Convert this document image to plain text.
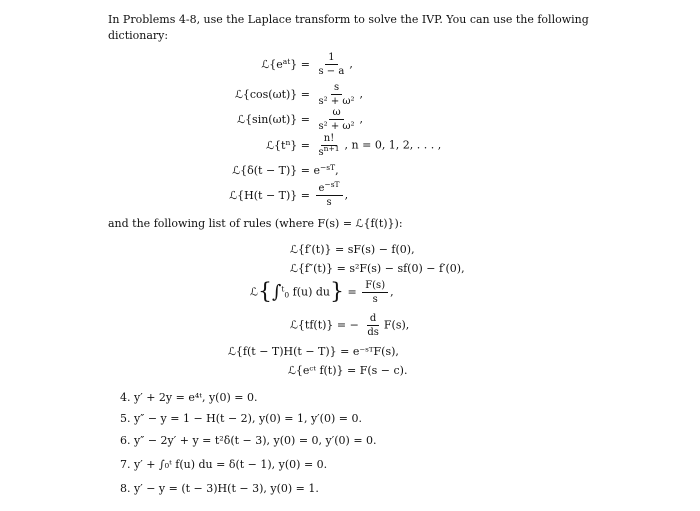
In Problems 4-8, use the Laplace transform to solve the IVP. You can use the following dictionary:
$ℒ\{e^{at}\} = \frac{1}{s - a}$ ,
ℒ{cos(ωt)} = $\frac{s}{\text{s² + ω²}}$ ,
ℒ{sin(ωt)} = $\frac{\omega}{\text{s² + ω²}}$ ,
$ℒ\{t^n\} = \frac{n!}{s^{n+1}}$ , n = 0, 1, 2, . . . ,
ℒ{δ(t − $T)\} = e^{-sT}$,
ℒ{H(t − $T)\} = \frac{e^{-sT}}{s}$ ,
and the following list of rules (where F(s) = ℒ{f(t)}):
ℒ{f′(t)} = sF(s) − f(0),
ℒ{f″(t)} = s²F(s) − sf(0) − f′(0),
ℒ{∫$^t_0$ f(u) $du\} = \frac{F(s)}{s}$ ,
ℒ{tf(t)} = − $\frac{d}{ds} F(s)$,
ℒ{f(t − T)H(t − T)} = e⁻ˢᵀF(s),
ℒ{eᶜᵗ f(t)} = F(s − c).
4. y′ + 2y = e⁴ᵗ, y(0) = 0.
5. y″ − y = 1 − H(t − 2), y(0) = 1, y′(0) = 0.
6. y″ − 2y′ + y = t²δ(t − 3), y(0) = 0, y′(0) = 0.
7. y′ + ∫₀ᵗ f(u) du = δ(t − 1), y(0) = 0.
8. y′ − y = (t − 3)H(t − 3), y(0) = 1.
